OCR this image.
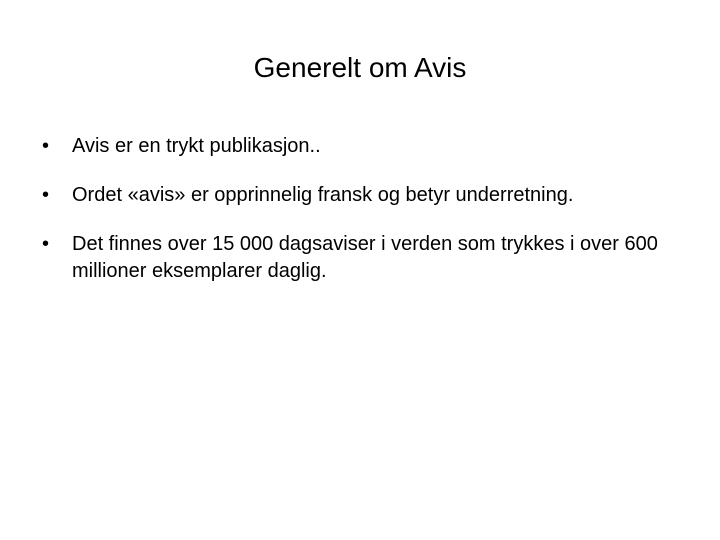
Generelt om Avis
• Avis er en trykt publikasjon..
• Ordet «avis» er opprinnelig fransk og betyr underretning.
• Det finnes over 15 000 dagsaviser i verden som trykkes i over 600 millioner eksemplarer daglig.
